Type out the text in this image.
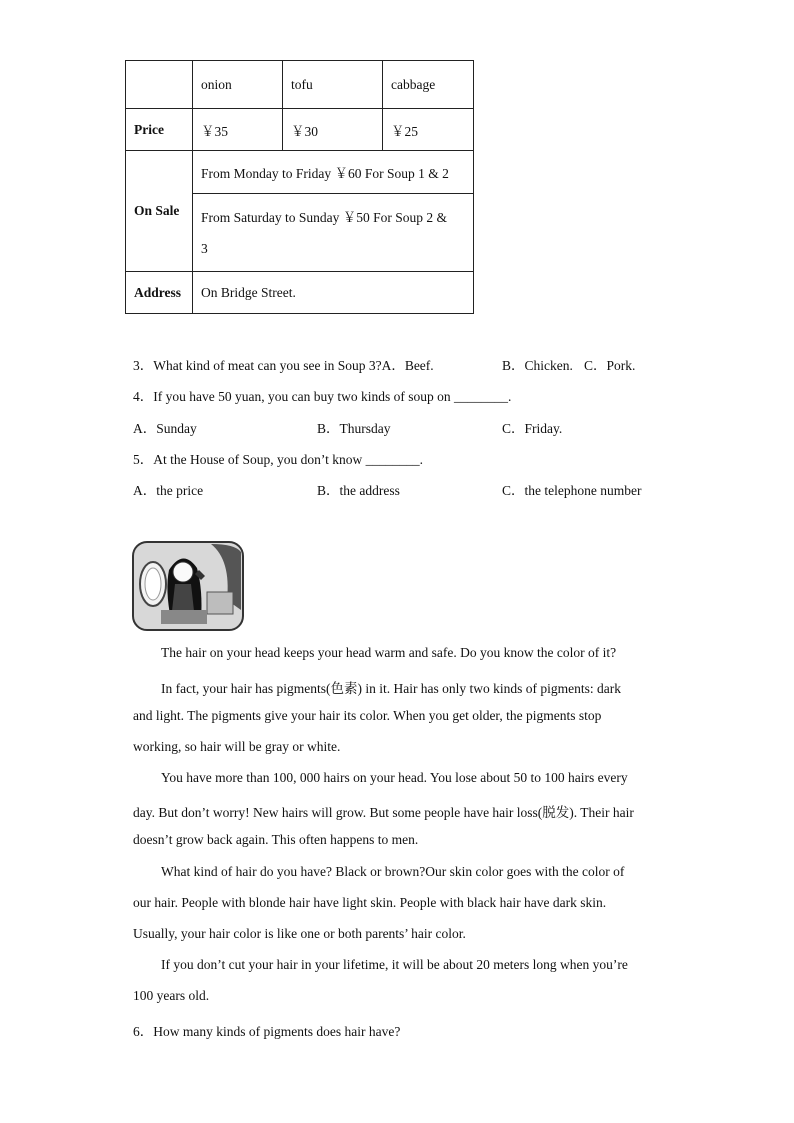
	onion	tofu	cabbage
Price	￥35	￥30	￥25
On Sale	From Monday to Friday ￥60 For Soup 1 & 2		
	From Saturday to Sunday ￥50 For Soup 2 &
3		
Address	On Bridge Street.		
3．What kind of meat can you see in Soup 3?A．Beef.	B．Chicken. C．Pork.
4．If you have 50 yuan, you can buy two kinds of soup on ________.
A．Sunday	B．Thursday	C．Friday.
5．At the House of Soup, you don’t know ________.
A．the price	B．the address	C．the telephone number
The hair on your head keeps your head warm and safe. Do you know the color of it?
In fact, your hair has pigments(色素) in it. Hair has only two kinds of pigments: dark
and light. The pigments give your hair its color. When you get older, the pigments stop
working, so hair will be gray or white.
You have more than 100, 000 hairs on your head. You lose about 50 to 100 hairs every
day. But don’t worry! New hairs will grow. But some people have hair loss(脱发). Their hair
doesn’t grow back again. This often happens to men.
What kind of hair do you have? Black or brown?Our skin color goes with the color of
our hair. People with blonde hair have light skin. People with black hair have dark skin.
Usually, your hair color is like one or both parents’ hair color.
If you don’t cut your hair in your lifetime, it will be about 20 meters long when you’re
100 years old.
6．How many kinds of pigments does hair have?
